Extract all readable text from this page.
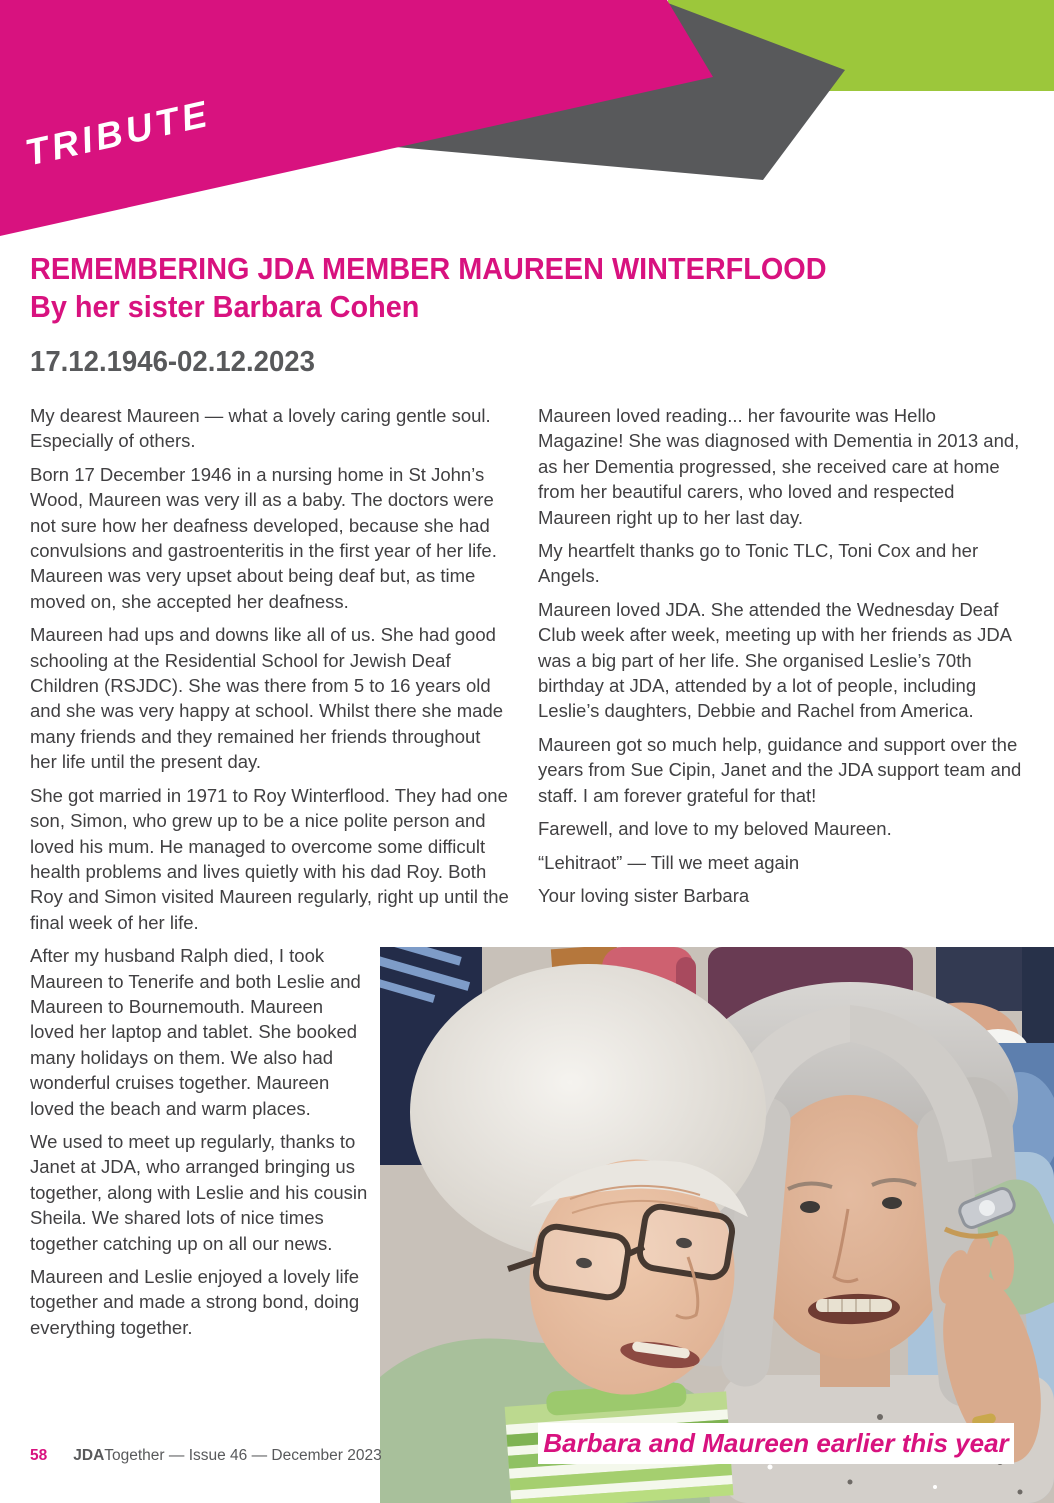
TRIBUTE
REMEMBERING JDA MEMBER MAUREEN WINTERFLOOD
By her sister Barbara Cohen
17.12.1946-02.12.2023

My dearest Maureen — what a lovely caring gentle soul. Especially of others.

Born 17 December 1946 in a nursing home in St John’s Wood, Maureen was very ill as a baby. The doctors were not sure how her deafness developed, because she had convulsions and gastroenteritis in the first year of her life. Maureen was very upset about being deaf but, as time moved on, she accepted her deafness.

Maureen had ups and downs like all of us. She had good schooling at the Residential School for Jewish Deaf Children (RSJDC). She was there from 5 to 16 years old and she was very happy at school. Whilst there she made many friends and they remained her friends throughout her life until the present day.

She got married in 1971 to Roy Winterflood. They had one son, Simon, who grew up to be a nice polite person and loved his mum. He managed to overcome some difficult health problems and lives quietly with his dad Roy. Both Roy and Simon visited Maureen regularly, right up until the final week of her life.

After my husband Ralph died, I took Maureen to Tenerife and both Leslie and Maureen to Bournemouth. Maureen loved her laptop and tablet. She booked many holidays on them. We also had wonderful cruises together. Maureen loved the beach and warm places.

We used to meet up regularly, thanks to Janet at JDA, who arranged bringing us together, along with Leslie and his cousin Sheila. We shared lots of nice times together catching up on all our news.

Maureen and Leslie enjoyed a lovely life together and made a strong bond, doing everything together.

Maureen loved reading... her favourite was Hello Magazine! She was diagnosed with Dementia in 2013 and, as her Dementia progressed, she received care at home from her beautiful carers, who loved and respected Maureen right up to her last day.

My heartfelt thanks go to Tonic TLC, Toni Cox and her Angels.

Maureen loved JDA. She attended the Wednesday Deaf Club week after week, meeting up with her friends as JDA was a big part of her life. She organised Leslie’s 70th birthday at JDA, attended by a lot of people, including Leslie’s daughters, Debbie and Rachel from America.

Maureen got so much help, guidance and support over the years from Sue Cipin, Janet and the JDA support team and staff. I am forever grateful for that!

Farewell, and love to my beloved Maureen.

“Lehitraot” — Till we meet again

Your loving sister Barbara

Barbara and Maureen earlier this year
58 JDATogether — Issue 46 — December 2023
